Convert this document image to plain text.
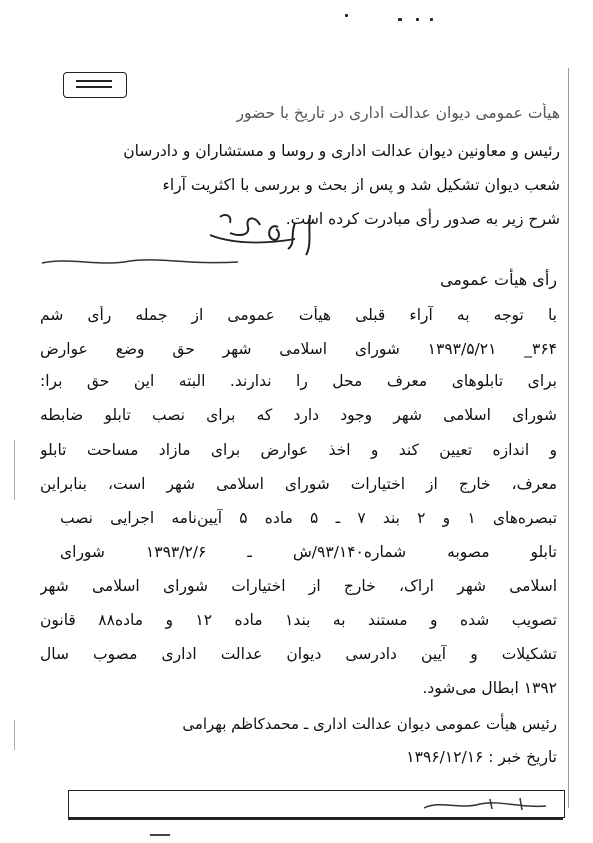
هیأت عمومی دیوان عدالت اداری در تاریخ با حضور
رئیس و معاونین دیوان عدالت اداری و روسا و مستشاران و دادرسان
شعب دیوان تشکیل شد و پس از بحث و بررسی با اکثریت آراء
شرح زیر به صدور رأی مبادرت کرده است.
رأی هیأت عمومی
با توجه به آراء قبلی هیأت عمومی از جمله رأی شم
۳۶۴_ ۱۳۹۳/۵/۲۱ شورای اسلامی شهر حق وضع عوارض
برای تابلوهای معرف محل را ندارند. البته این حق برا:
شورای اسلامی شهر وجود دارد که برای نصب تابلو ضابطه
و اندازه تعیین کند و اخذ عوارض برای مازاد مساحت تابلو
معرف، خارج از اختیارات شورای اسلامی شهر است، بنابراین
تبصره‌های ۱ و ۲ بند ۷ ـ ۵ ماده ۵ آیین‌نامه اجرایی نصب
تابلو مصوبه شماره۹۳/۱۴۰/ش ـ ۱۳۹۳/۲/۶ شورای
اسلامی شهر اراک، خارج از اختیارات شورای اسلامی شهر
تصویب شده و مستند به بند۱ ماده ۱۲ و ماده۸۸ قانون
تشکیلات و آیین دادرسی دیوان عدالت اداری مصوب سال
۱۳۹۲ ابطال می‌شود.
رئیس هیأت عمومی دیوان عدالت اداری ـ محمدکاظم بهرامی
تاریخ خبر : ۱۳۹۶/۱۲/۱۶
